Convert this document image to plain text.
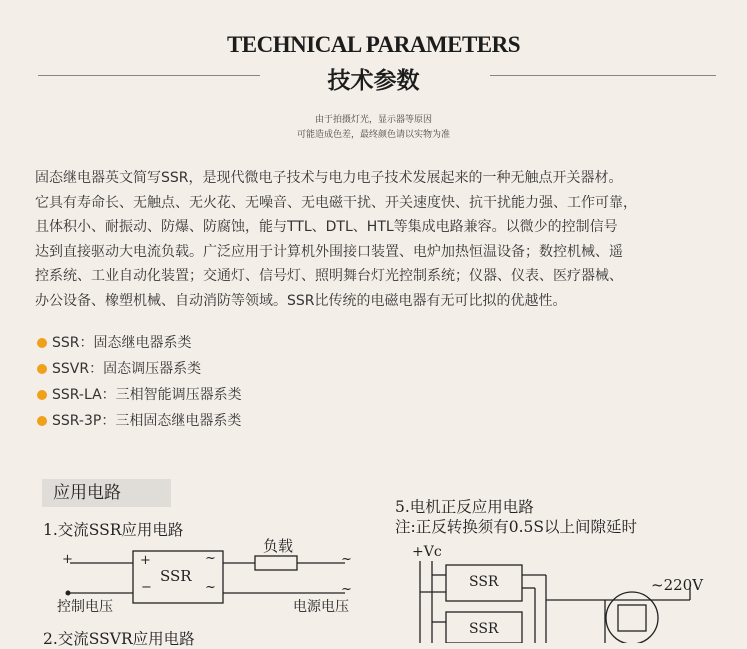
TECHNICAL PARAMETERS
技术参数
由于拍摄灯光，显示器等原因
可能造成色差，最终颜色请以实物为准
固态继电器英文简写SSR，是现代微电子技术与电力电子技术发展起来的一种无触点开关器材。
它具有寿命长、无触点、无火花、无噪音、无电磁干扰、开关速度快、抗干扰能力强、工作可靠，
且体积小、耐振动、防爆、防腐蚀，能与TTL、DTL、HTL等集成电路兼容。以微少的控制信号
达到直接驱动大电流负载。广泛应用于计算机外围接口装置、电炉加热恒温设备；数控机械、遥
控系统、工业自动化装置；交通灯、信号灯、照明舞台灯光控制系统；仪器、仪表、医疗器械、
办公设备、橡塑机械、自动消防等领域。SSR比传统的电磁电器有无可比拟的优越性。
SSR：固态继电器系类
SSVR：固态调压器系类
SSR-LA：三相智能调压器系类
SSR-3P：三相固态继电器系类
应用电路
1.交流SSR应用电路
+	+
−
~
~
SSR
负载
~
~
控制电压	电源电压
2.交流SSVR应用电路
5.电机正反应用电路
注:正反转换须有0.5S以上间隙延时
+Vc
SSR
SSR
~220V
